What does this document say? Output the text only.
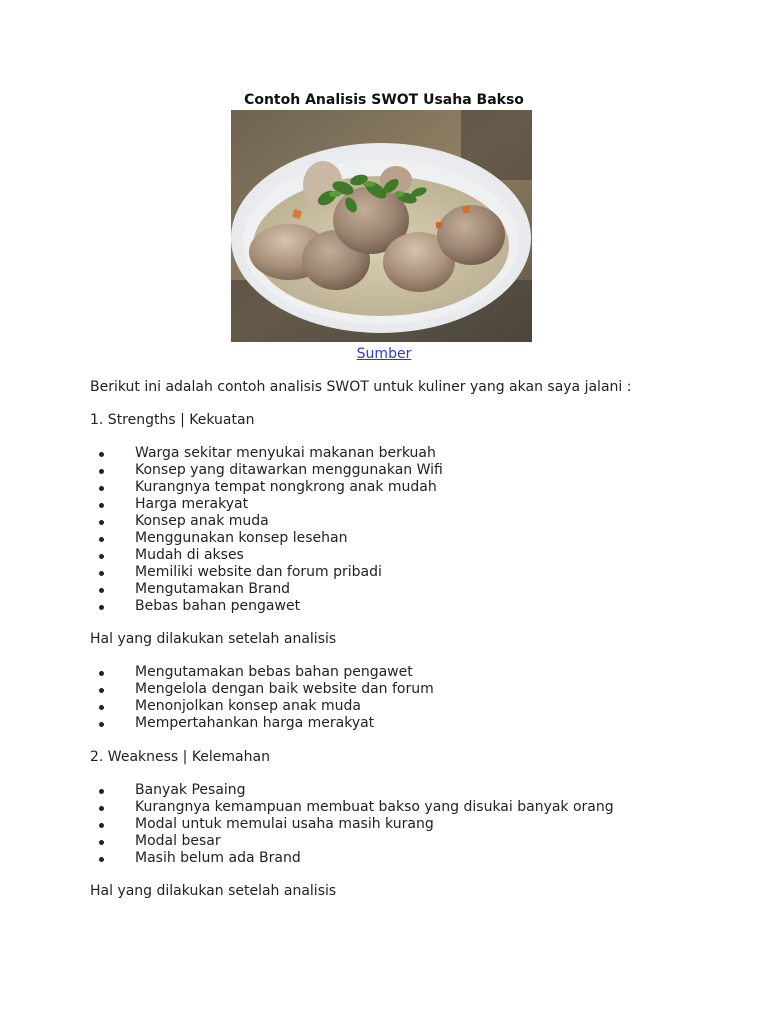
Contoh Analisis SWOT Usaha Bakso
Sumber

Berikut ini adalah contoh analisis SWOT untuk kuliner yang akan saya jalani :

1. Strengths | Kekuatan

Warga sekitar menyukai makanan berkuah
Konsep yang ditawarkan menggunakan Wifi
Kurangnya tempat nongkrong anak mudah
Harga merakyat
Konsep anak muda
Menggunakan konsep lesehan
Mudah di akses
Memiliki website dan forum pribadi
Mengutamakan Brand
Bebas bahan pengawet

Hal yang dilakukan setelah analisis

Mengutamakan bebas bahan pengawet
Mengelola dengan baik website dan forum
Menonjolkan konsep anak muda
Mempertahankan harga merakyat

2. Weakness | Kelemahan

Banyak Pesaing
Kurangnya kemampuan membuat bakso yang disukai banyak orang
Modal untuk memulai usaha masih kurang
Modal besar
Masih belum ada Brand

Hal yang dilakukan setelah analisis
